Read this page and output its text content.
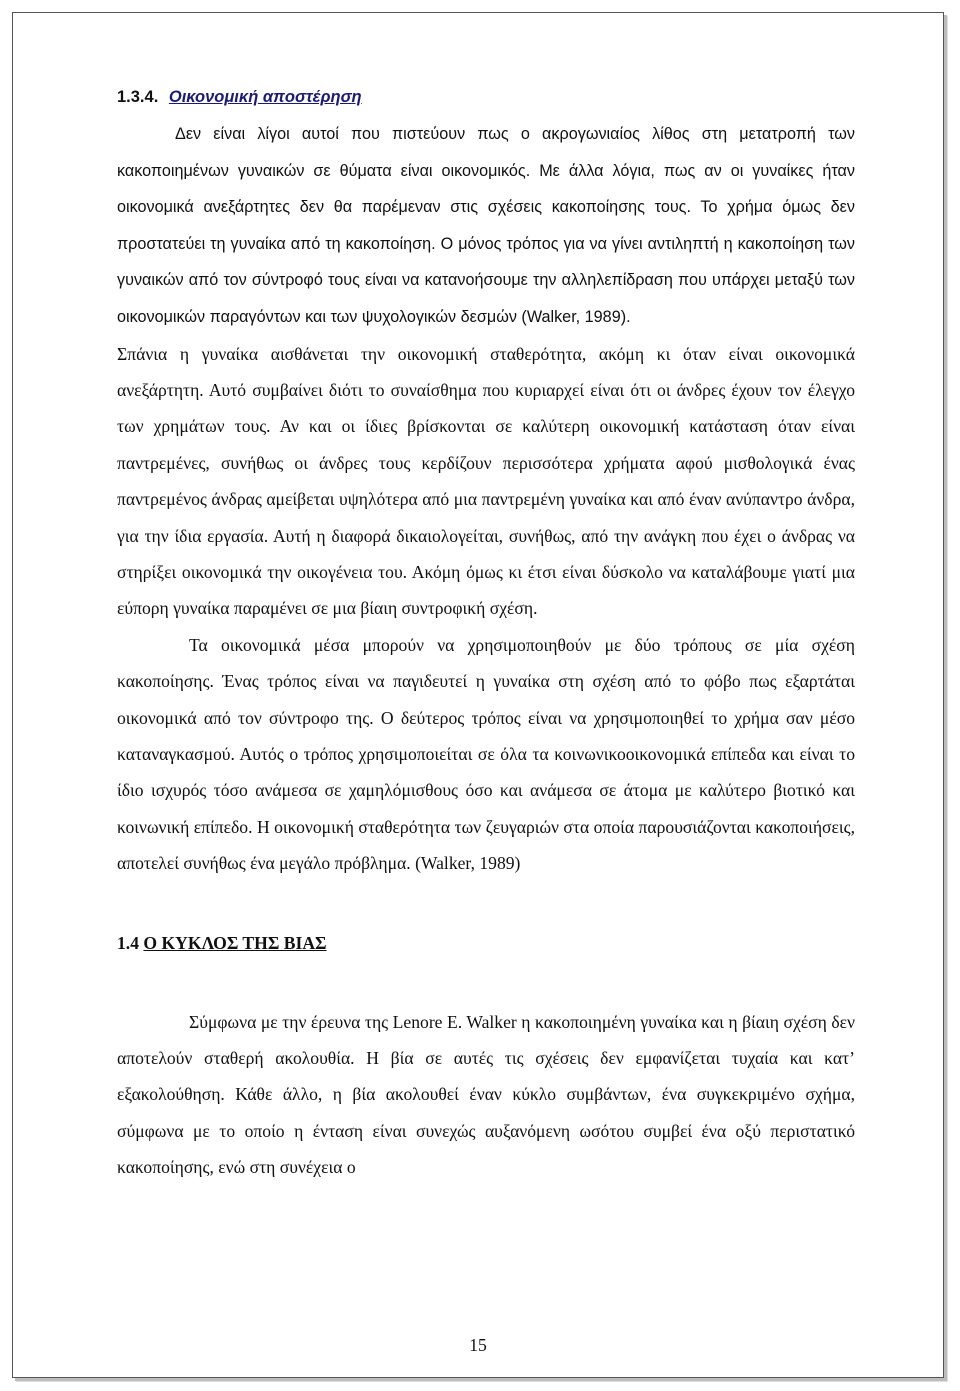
1.3.4. Οικονομική αποστέρηση

Δεν είναι λίγοι αυτοί που πιστεύουν πως ο ακρογωνιαίος λίθος στη μετατροπή των κακοποιημένων γυναικών σε θύματα είναι οικονομικός. Με άλλα λόγια, πως αν οι γυναίκες ήταν οικονομικά ανεξάρτητες δεν θα παρέμεναν στις σχέσεις κακοποίησης τους. Το χρήμα όμως δεν προστατεύει τη γυναίκα από τη κακοποίηση. Ο μόνος τρόπος για να γίνει αντιληπτή η κακοποίηση των γυναικών από τον σύντροφό τους είναι να κατανοήσουμε την αλληλεπίδραση που υπάρχει μεταξύ των οικονομικών παραγόντων και των ψυχολογικών δεσμών (Walker, 1989).

Σπάνια η γυναίκα αισθάνεται την οικονομική σταθερότητα, ακόμη κι όταν είναι οικονομικά ανεξάρτητη. Αυτό συμβαίνει διότι το συναίσθημα που κυριαρχεί είναι ότι οι άνδρες έχουν τον έλεγχο των χρημάτων τους. Αν και οι ίδιες βρίσκονται σε καλύτερη οικονομική κατάσταση όταν είναι παντρεμένες, συνήθως οι άνδρες τους κερδίζουν περισσότερα χρήματα αφού μισθολογικά ένας παντρεμένος άνδρας αμείβεται υψηλότερα από μια παντρεμένη γυναίκα και από έναν ανύπαντρο άνδρα, για την ίδια εργασία. Αυτή η διαφορά δικαιολογείται, συνήθως, από την ανάγκη που έχει ο άνδρας να στηρίξει οικονομικά την οικογένεια του. Ακόμη όμως κι έτσι είναι δύσκολο να καταλάβουμε γιατί μια εύπορη γυναίκα παραμένει σε μια βίαιη συντροφική σχέση.

Τα οικονομικά μέσα μπορούν να χρησιμοποιηθούν με δύο τρόπους σε μία σχέση κακοποίησης. Ένας τρόπος είναι να παγιδευτεί η γυναίκα στη σχέση από το φόβο πως εξαρτάται οικονομικά από τον σύντροφο της. Ο δεύτερος τρόπος είναι να χρησιμοποιηθεί το χρήμα σαν μέσο καταναγκασμού. Αυτός ο τρόπος χρησιμοποιείται σε όλα τα κοινωνικοοικονομικά επίπεδα και είναι το ίδιο ισχυρός τόσο ανάμεσα σε χαμηλόμισθους όσο και ανάμεσα σε άτομα με καλύτερο βιοτικό και κοινωνική επίπεδο. Η οικονομική σταθερότητα των ζευγαριών στα οποία παρουσιάζονται κακοποιήσεις, αποτελεί συνήθως ένα μεγάλο πρόβλημα. (Walker, 1989)

1.4 Ο ΚΥΚΛΟΣ ΤΗΣ ΒΙΑΣ

Σύμφωνα με την έρευνα της Lenore E. Walker η κακοποιημένη γυναίκα και η βίαιη σχέση δεν αποτελούν σταθερή ακολουθία. Η βία σε αυτές τις σχέσεις δεν εμφανίζεται τυχαία και κατ’ εξακολούθηση. Κάθε άλλο, η βία ακολουθεί έναν κύκλο συμβάντων, ένα συγκεκριμένο σχήμα, σύμφωνα με το οποίο η ένταση είναι συνεχώς αυξανόμενη ωσότου συμβεί ένα οξύ περιστατικό κακοποίησης, ενώ στη συνέχεια ο

15
